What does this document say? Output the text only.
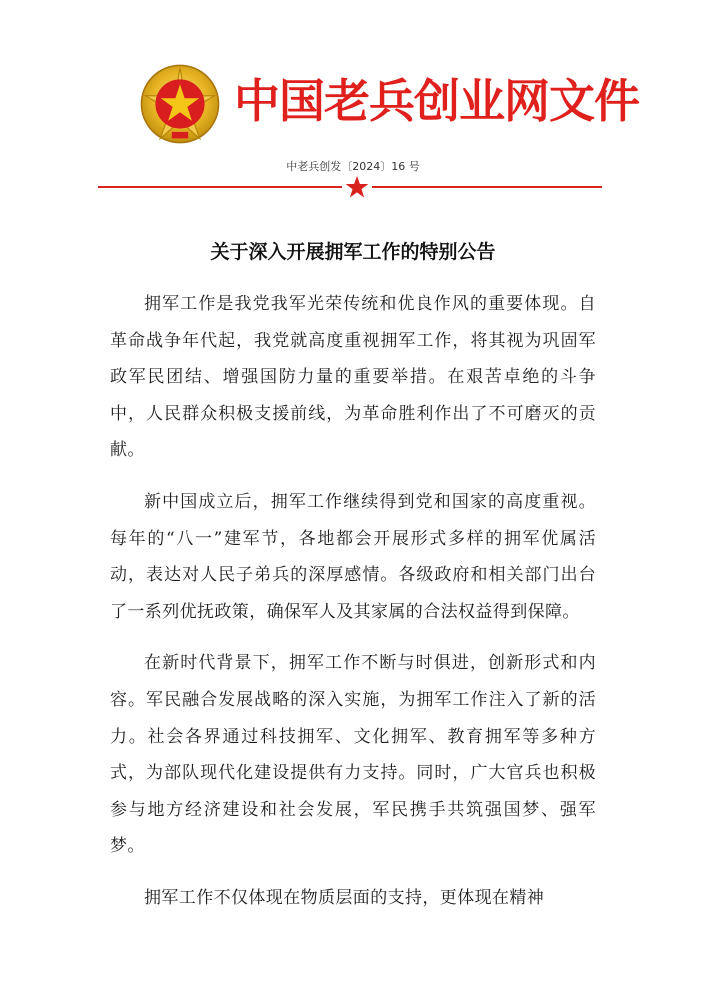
中国老兵创业网文件
中老兵创发〔2024〕16 号
关于深入开展拥军工作的特别公告

拥军工作是我党我军光荣传统和优良作风的重要体现。自革命战争年代起，我党就高度重视拥军工作，将其视为巩固军政军民团结、增强国防力量的重要举措。在艰苦卓绝的斗争中，人民群众积极支援前线，为革命胜利作出了不可磨灭的贡献。

新中国成立后，拥军工作继续得到党和国家的高度重视。每年的“八一”建军节，各地都会开展形式多样的拥军优属活动，表达对人民子弟兵的深厚感情。各级政府和相关部门出台了一系列优抚政策，确保军人及其家属的合法权益得到保障。

在新时代背景下，拥军工作不断与时俱进，创新形式和内容。军民融合发展战略的深入实施，为拥军工作注入了新的活力。社会各界通过科技拥军、文化拥军、教育拥军等多种方式，为部队现代化建设提供有力支持。同时，广大官兵也积极参与地方经济建设和社会发展，军民携手共筑强国梦、强军梦。

拥军工作不仅体现在物质层面的支持，更体现在精神
